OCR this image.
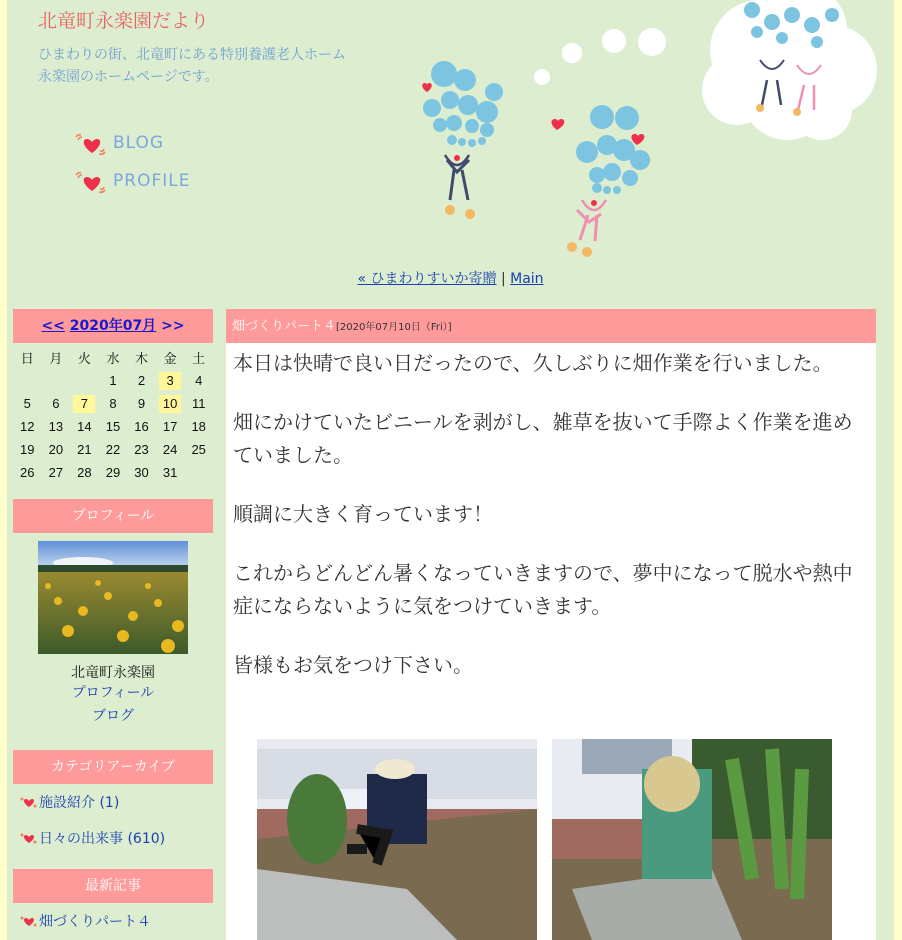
北竜町永楽園だより
ひまわりの街、北竜町にある特別養護老人ホーム永楽園のホームページです。
BLOG
PROFILE
« ひまわりすいか寄贈 | Main
<< 2020年07月 >>
日	月	火	水	木	金	土
			1	2	3	4
5	6	7	8	9	10	11
12	13	14	15	16	17	18
19	20	21	22	23	24	25
26	27	28	29	30	31	
プロフィール
北竜町永楽園
プロフィール
ブログ
カテゴリアーカイブ
施設紹介 (1)
日々の出来事 (610)
最新記事
畑づくりパート４
畑づくりパート４[2020年07月10日（Fri）]

本日は快晴で良い日だったので、久しぶりに畑作業を行いました。

畑にかけていたビニールを剥がし、雑草を抜いて手際よく作業を進めていました。

順調に大きく育っています！

これからどんどん暑くなっていきますので、夢中になって脱水や熱中症にならないように気をつけていきます。

皆様もお気をつけ下さい。
